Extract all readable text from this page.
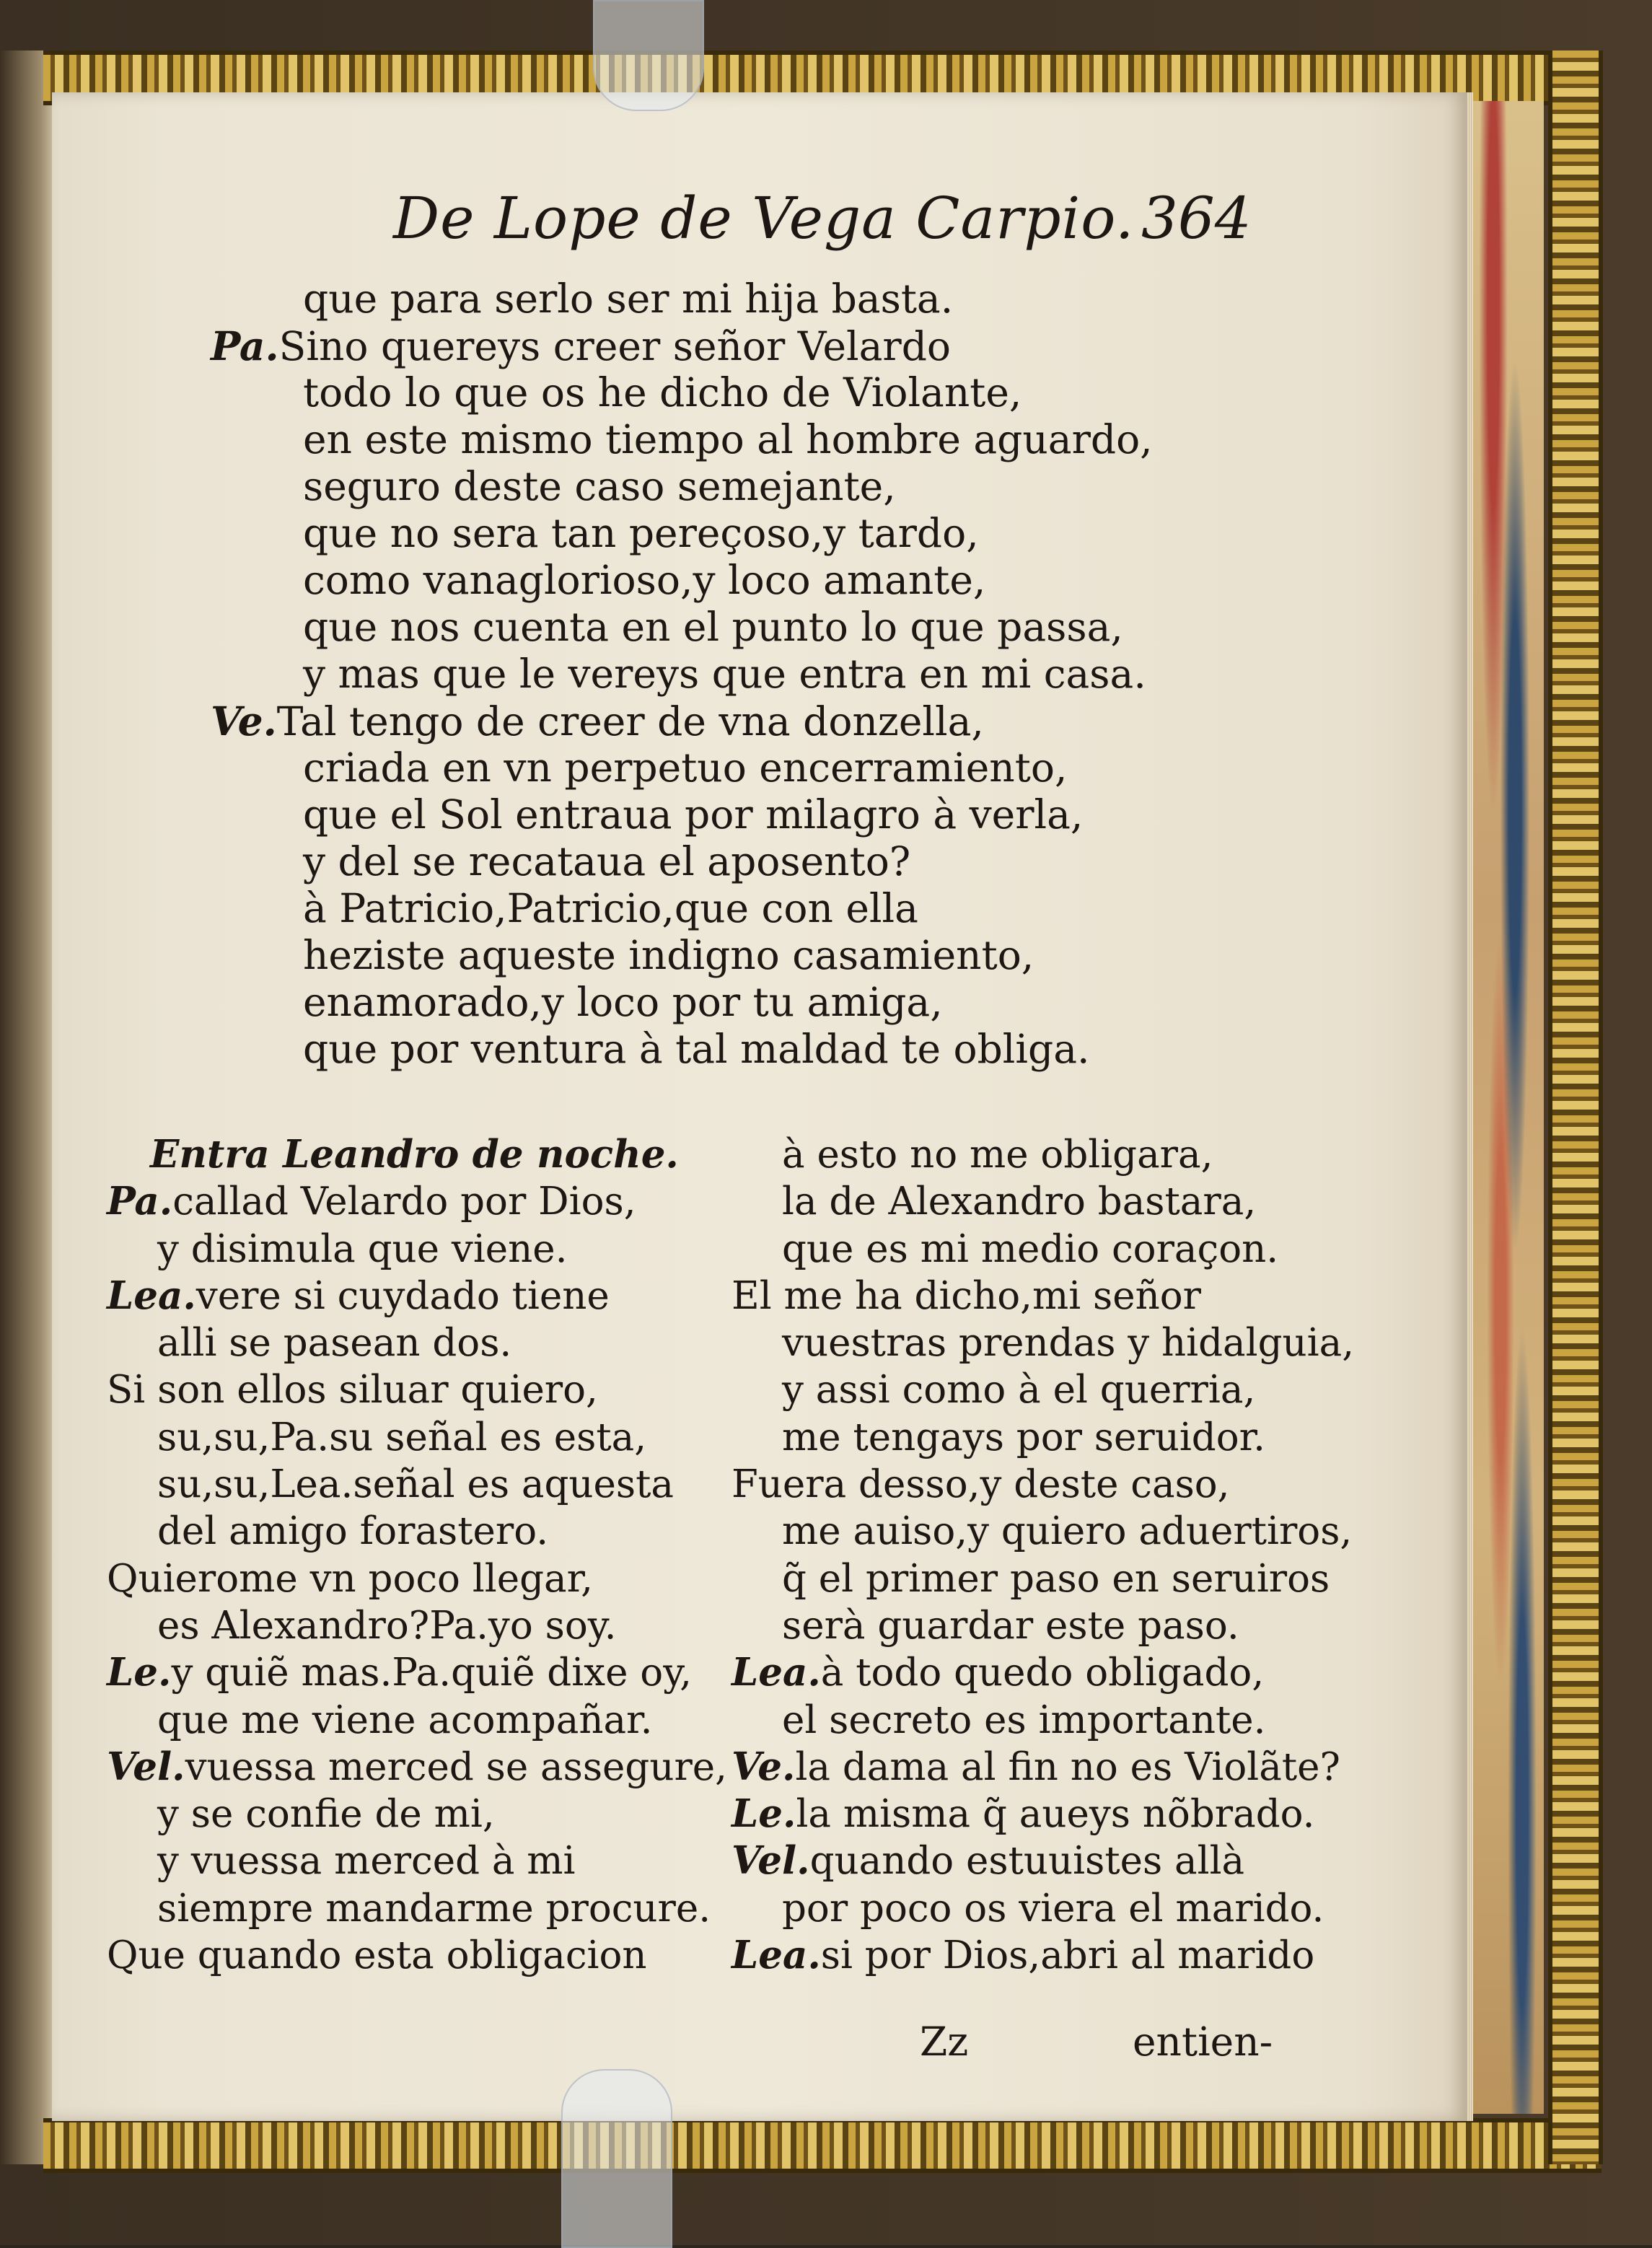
De Lope de Vega Carpio. 364
que para serlo ser mi hija basta.
Pa.Sino quereys creer señor Velardo
todo lo que os he dicho de Violante,
en este mismo tiempo al hombre aguardo,
seguro deste caso semejante,
que no sera tan pereçoso,y tardo,
como vanaglorioso,y loco amante,
que nos cuenta en el punto lo que passa,
y mas que le vereys que entra en mi casa.
Ve.Tal tengo de creer de vna donzella,
criada en vn perpetuo encerramiento,
que el Sol entraua por milagro à verla,
y del se recataua el aposento?
à Patricio,Patricio,que con ella
heziste aqueste indigno casamiento,
enamorado,y loco por tu amiga,
que por ventura à tal maldad te obliga.
Entra Leandro de noche.
Pa.callad Velardo por Dios,
y disimula que viene.
Lea.vere si cuydado tiene
alli se pasean dos.
Si son ellos siluar quiero,
su,su,Pa.su señal es esta,
su,su,Lea.señal es aquesta
del amigo forastero.
Quierome vn poco llegar,
es Alexandro?Pa.yo soy.
Le.y quiẽ mas.Pa.quiẽ dixe oy,
que me viene acompañar.
Vel.vuessa merced se assegure,
y se confie de mi,
y vuessa merced à mi
siempre mandarme procure.
Que quando esta obligacion
à esto no me obligara,
la de Alexandro bastara,
que es mi medio coraçon.
El me ha dicho,mi señor
vuestras prendas y hidalguia,
y assi como à el querria,
me tengays por seruidor.
Fuera desso,y deste caso,
me auiso,y quiero aduertiros,
q̃ el primer paso en seruiros
serà guardar este paso.
Lea.à todo quedo obligado,
el secreto es importante.
Ve.la dama al fin no es Violãte?
Le.la misma q̃ aueys nõbrado.
Vel.quando estuuistes allà
por poco os viera el marido.
Lea.si por Dios,abri al marido
Zz	entien-
